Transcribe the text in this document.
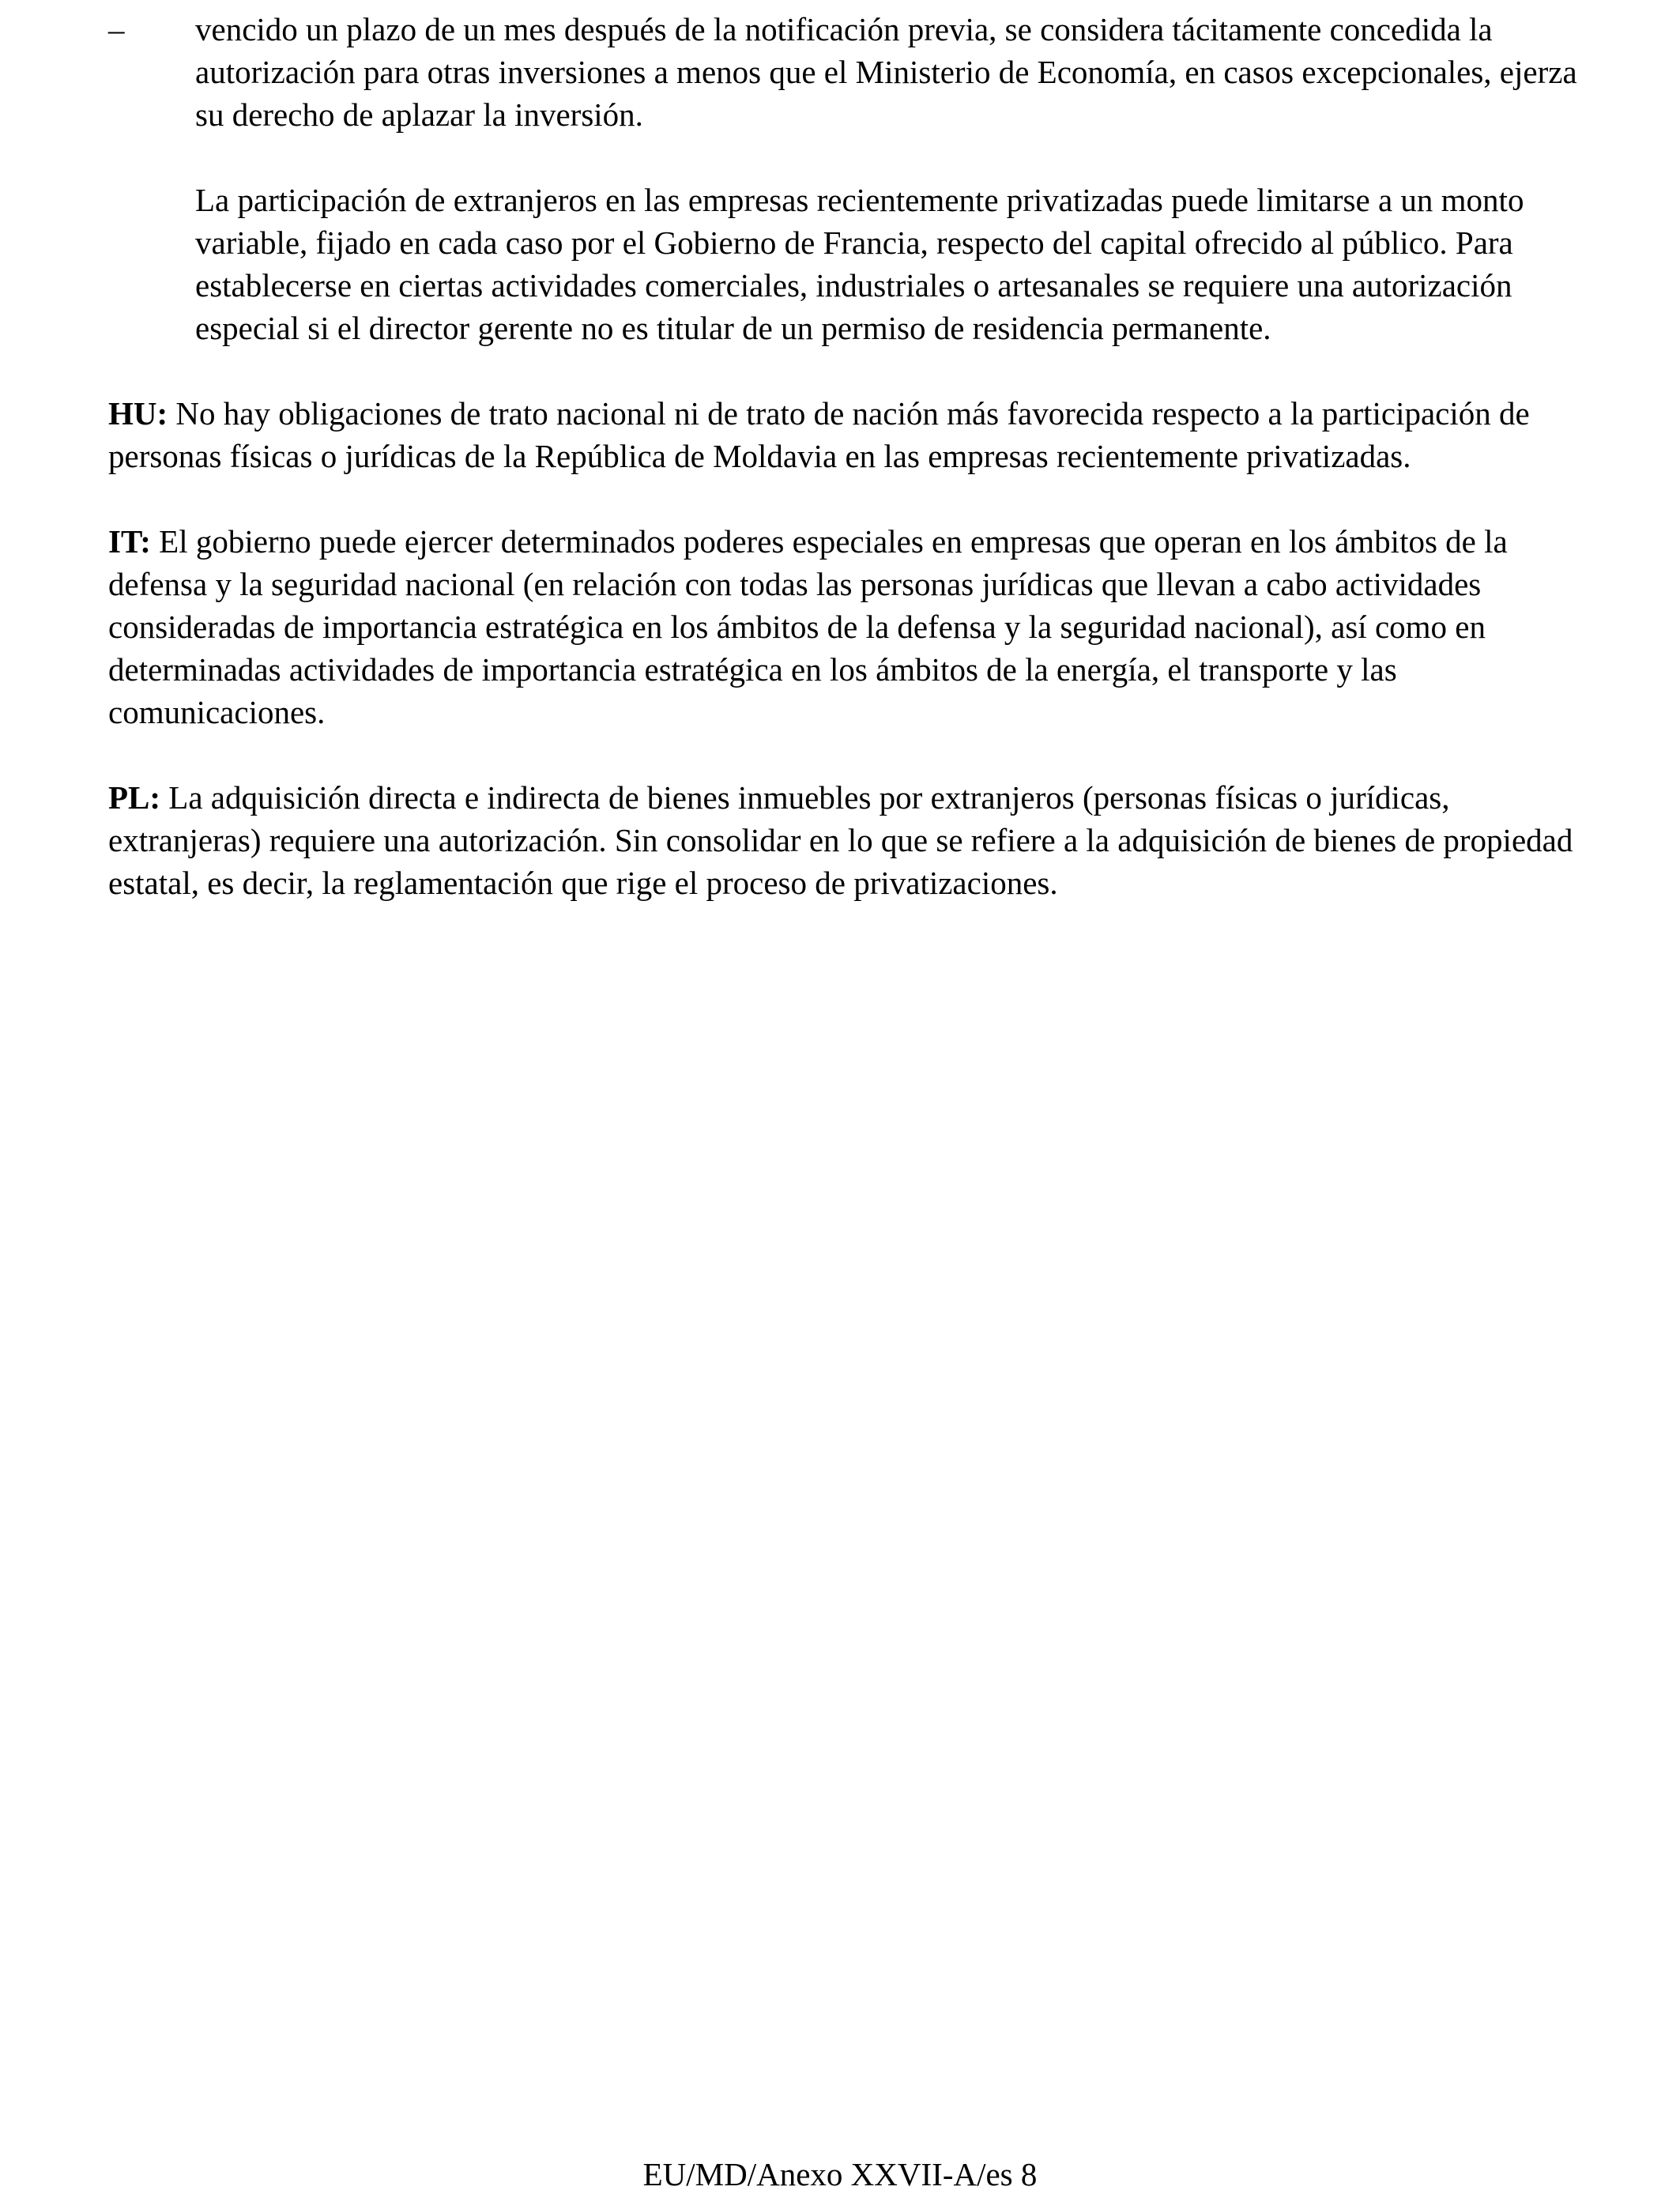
– vencido un plazo de un mes después de la notificación previa, se considera tácitamente concedida la autorización para otras inversiones a menos que el Ministerio de Economía, en casos excepcionales, ejerza su derecho de aplazar la inversión.

La participación de extranjeros en las empresas recientemente privatizadas puede limitarse a un monto variable, fijado en cada caso por el Gobierno de Francia, respecto del capital ofrecido al público. Para establecerse en ciertas actividades comerciales, industriales o artesanales se requiere una autorización especial si el director gerente no es titular de un permiso de residencia permanente.

HU: No hay obligaciones de trato nacional ni de trato de nación más favorecida respecto a la participación de personas físicas o jurídicas de la República de Moldavia en las empresas recientemente privatizadas.

IT: El gobierno puede ejercer determinados poderes especiales en empresas que operan en los ámbitos de la defensa y la seguridad nacional (en relación con todas las personas jurídicas que llevan a cabo actividades consideradas de importancia estratégica en los ámbitos de la defensa y la seguridad nacional), así como en determinadas actividades de importancia estratégica en los ámbitos de la energía, el transporte y las comunicaciones.

PL: La adquisición directa e indirecta de bienes inmuebles por extranjeros (personas físicas o jurídicas, extranjeras) requiere una autorización. Sin consolidar en lo que se refiere a la adquisición de bienes de propiedad estatal, es decir, la reglamentación que rige el proceso de privatizaciones.

EU/MD/Anexo XXVII-A/es 8
